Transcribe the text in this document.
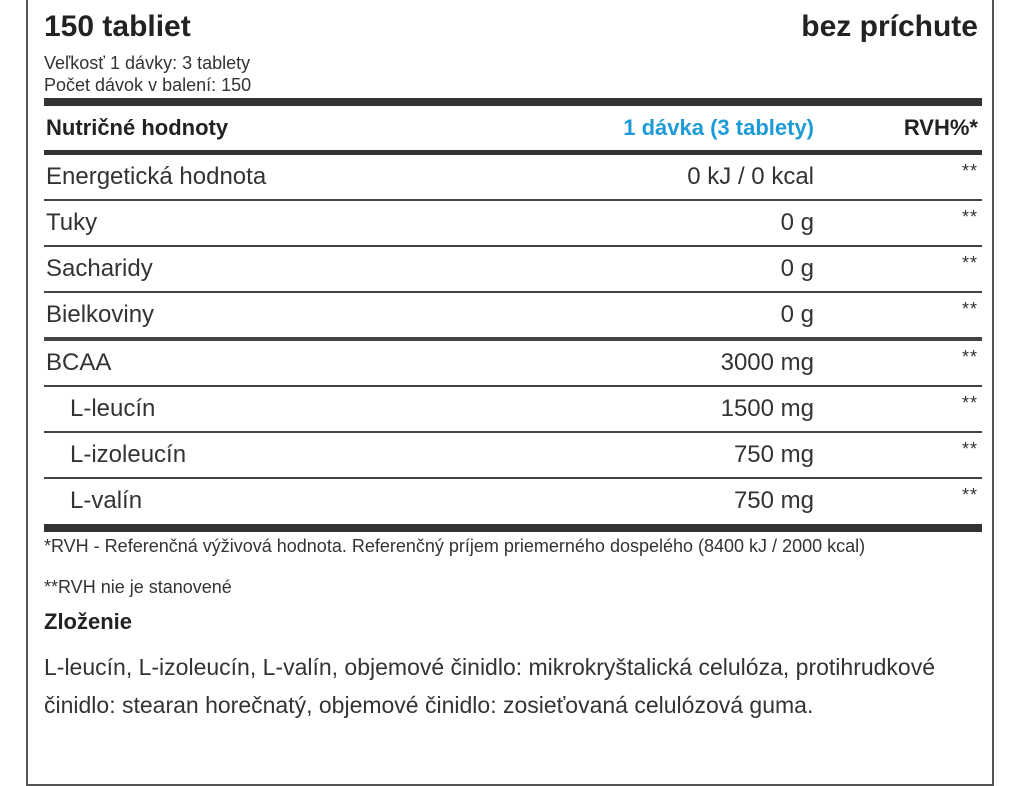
150 tabliet	bez príchute
Veľkosť 1 dávky: 3 tablety
Počet dávok v balení: 150
Nutričné hodnoty	1 dávka (3 tablety)	RVH%*
Energetická hodnota	0 kJ / 0 kcal	**
Tuky	0 g	**
Sacharidy	0 g	**
Bielkoviny	0 g	**
BCAA	3000 mg	**
L-leucín	1500 mg	**
L-izoleucín	750 mg	**
L-valín	750 mg	**
*RVH - Referenčná výživová hodnota. Referenčný príjem priemerného dospelého (8400 kJ / 2000 kcal)
**RVH nie je stanovené
Zloženie
L-leucín, L-izoleucín, L-valín, objemové činidlo: mikrokryštalická celulóza, protihrudkové činidlo: stearan horečnatý, objemové činidlo: zosieťovaná celulózová guma.
